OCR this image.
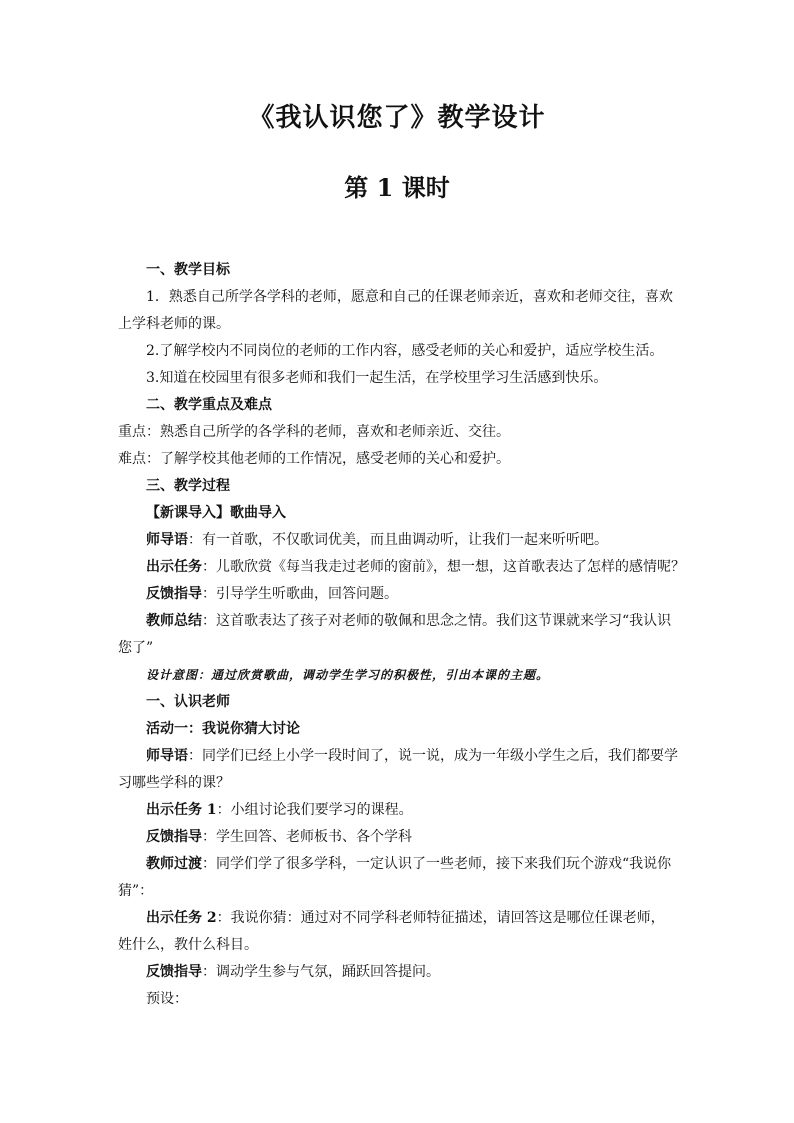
《我认识您了》教学设计
第 1 课时
一、教学目标
1．熟悉自己所学各学科的老师，愿意和自己的任课老师亲近，喜欢和老师交往，喜欢上学科老师的课。
2.了解学校内不同岗位的老师的工作内容，感受老师的关心和爱护，适应学校生活。
3.知道在校园里有很多老师和我们一起生活，在学校里学习生活感到快乐。
二、教学重点及难点
重点：熟悉自己所学的各学科的老师，喜欢和老师亲近、交往。
难点：了解学校其他老师的工作情况，感受老师的关心和爱护。
三、教学过程
【新课导入】歌曲导入
师导语：有一首歌，不仅歌词优美，而且曲调动听，让我们一起来听听吧。
出示任务：儿歌欣赏《每当我走过老师的窗前》，想一想，这首歌表达了怎样的感情呢？
反馈指导：引导学生听歌曲，回答问题。
教师总结：这首歌表达了孩子对老师的敬佩和思念之情。我们这节课就来学习“我认识您了”
设计意图：通过欣赏歌曲，调动学生学习的积极性，引出本课的主题。
一、认识老师
活动一：我说你猜大讨论
师导语：同学们已经上小学一段时间了，说一说，成为一年级小学生之后，我们都要学习哪些学科的课？
出示任务 1：小组讨论我们要学习的课程。
反馈指导：学生回答、老师板书、各个学科
教师过渡：同学们学了很多学科，一定认识了一些老师，接下来我们玩个游戏“我说你猜”：
出示任务 2：我说你猜：通过对不同学科老师特征描述，请回答这是哪位任课老师，姓什么，教什么科目。
反馈指导：调动学生参与气氛，踊跃回答提问。
预设：
